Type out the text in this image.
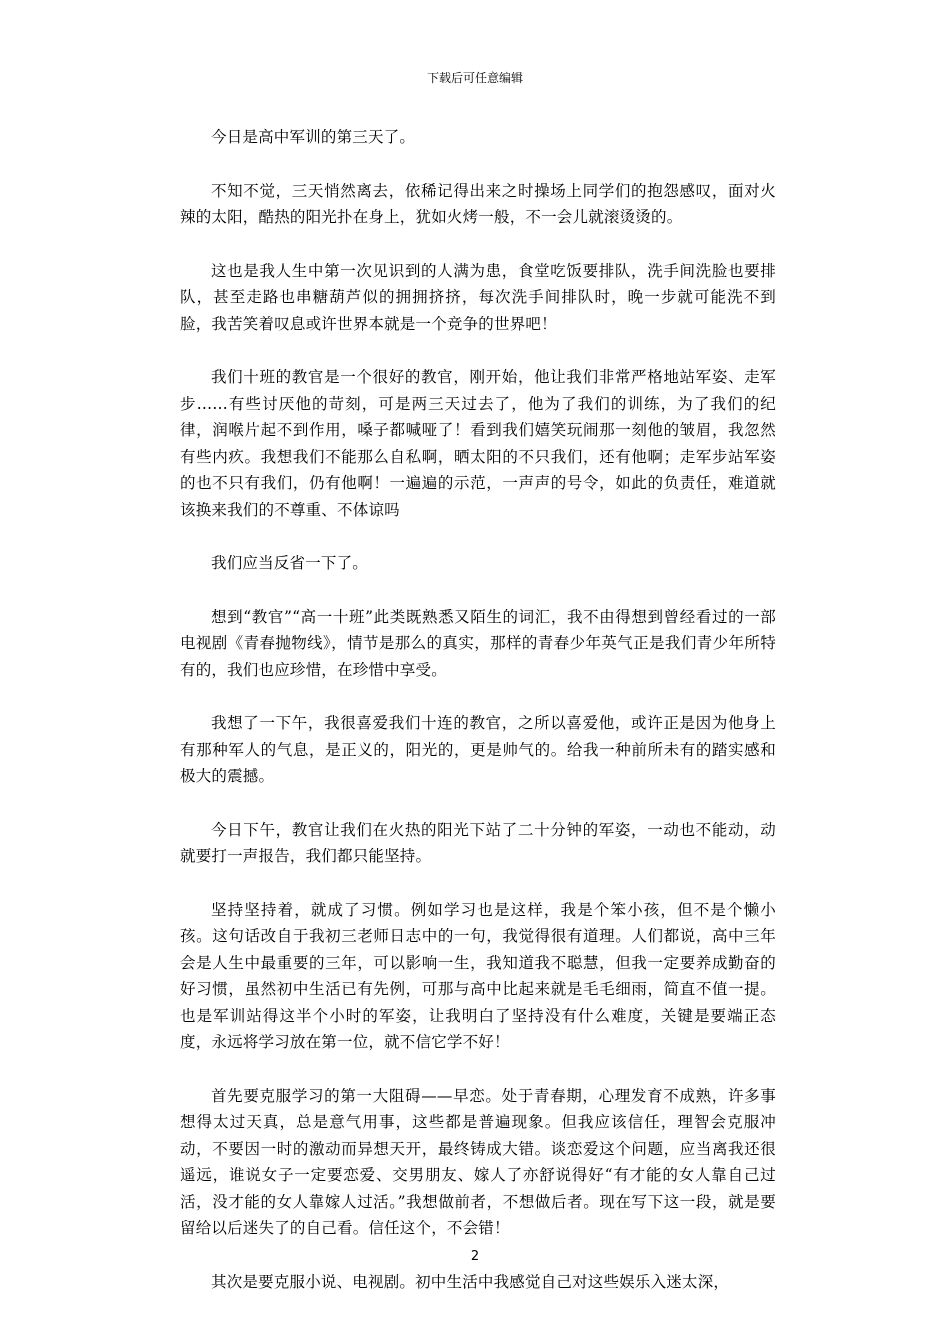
下载后可任意编辑

今日是高中军训的第三天了。

不知不觉，三天悄然离去，依稀记得出来之时操场上同学们的抱怨感叹，面对火辣的太阳，酷热的阳光扑在身上，犹如火烤一般，不一会儿就滚烫烫的。

这也是我人生中第一次见识到的人满为患，食堂吃饭要排队，洗手间洗脸也要排队，甚至走路也串糖葫芦似的拥拥挤挤，每次洗手间排队时，晚一步就可能洗不到脸，我苦笑着叹息或许世界本就是一个竞争的世界吧！

我们十班的教官是一个很好的教官，刚开始，他让我们非常严格地站军姿、走军步……有些讨厌他的苛刻，可是两三天过去了，他为了我们的训练，为了我们的纪律，润喉片起不到作用，嗓子都喊哑了！看到我们嬉笑玩闹那一刻他的皱眉，我忽然有些内疚。我想我们不能那么自私啊，晒太阳的不只我们，还有他啊；走军步站军姿的也不只有我们，仍有他啊！一遍遍的示范，一声声的号令，如此的负责任，难道就该换来我们的不尊重、不体谅吗

我们应当反省一下了。

想到“教官”“高一十班”此类既熟悉又陌生的词汇，我不由得想到曾经看过的一部电视剧《青春抛物线》，情节是那么的真实，那样的青春少年英气正是我们青少年所特有的，我们也应珍惜，在珍惜中享受。

我想了一下午，我很喜爱我们十连的教官，之所以喜爱他，或许正是因为他身上有那种军人的气息，是正义的，阳光的，更是帅气的。给我一种前所未有的踏实感和极大的震撼。

今日下午，教官让我们在火热的阳光下站了二十分钟的军姿，一动也不能动，动就要打一声报告，我们都只能坚持。

坚持坚持着，就成了习惯。例如学习也是这样，我是个笨小孩，但不是个懒小孩。这句话改自于我初三老师日志中的一句，我觉得很有道理。人们都说，高中三年会是人生中最重要的三年，可以影响一生，我知道我不聪慧，但我一定要养成勤奋的好习惯，虽然初中生活已有先例，可那与高中比起来就是毛毛细雨，简直不值一提。也是军训站得这半个小时的军姿，让我明白了坚持没有什么难度，关键是要端正态度，永远将学习放在第一位，就不信它学不好！

首先要克服学习的第一大阻碍——早恋。处于青春期，心理发育不成熟，许多事想得太过天真，总是意气用事，这些都是普遍现象。但我应该信任，理智会克服冲动，不要因一时的激动而异想天开，最终铸成大错。谈恋爱这个问题，应当离我还很遥远，谁说女子一定要恋爱、交男朋友、嫁人了亦舒说得好“有才能的女人靠自己过活，没才能的女人靠嫁人过活。”我想做前者，不想做后者。现在写下这一段，就是要留给以后迷失了的自己看。信任这个，不会错！

其次是要克服小说、电视剧。初中生活中我感觉自己对这些娱乐入迷太深，

2
